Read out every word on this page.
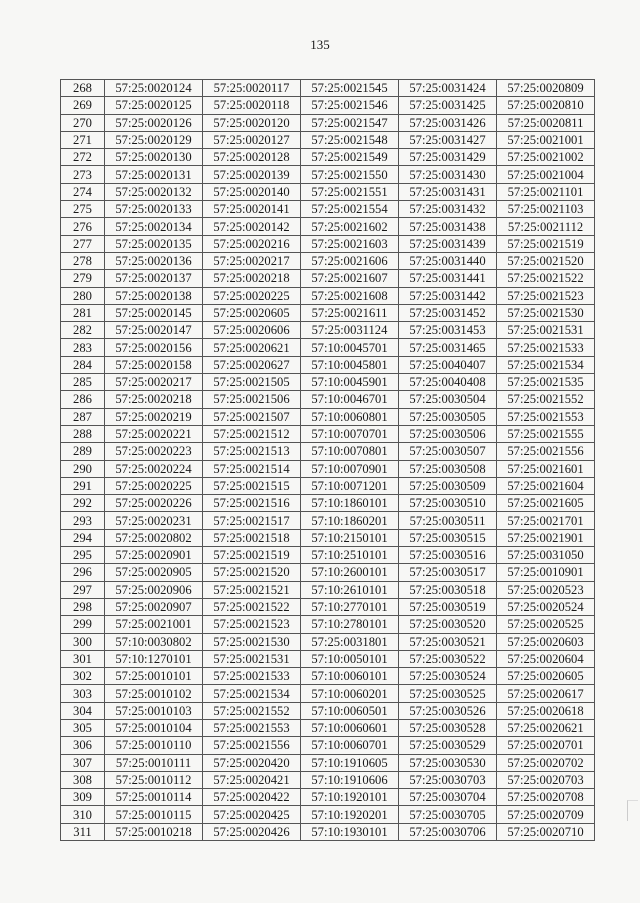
135
268	57:25:0020124	57:25:0020117	57:25:0021545	57:25:0031424	57:25:0020809
269	57:25:0020125	57:25:0020118	57:25:0021546	57:25:0031425	57:25:0020810
270	57:25:0020126	57:25:0020120	57:25:0021547	57:25:0031426	57:25:0020811
271	57:25:0020129	57:25:0020127	57:25:0021548	57:25:0031427	57:25:0021001
272	57:25:0020130	57:25:0020128	57:25:0021549	57:25:0031429	57:25:0021002
273	57:25:0020131	57:25:0020139	57:25:0021550	57:25:0031430	57:25:0021004
274	57:25:0020132	57:25:0020140	57:25:0021551	57:25:0031431	57:25:0021101
275	57:25:0020133	57:25:0020141	57:25:0021554	57:25:0031432	57:25:0021103
276	57:25:0020134	57:25:0020142	57:25:0021602	57:25:0031438	57:25:0021112
277	57:25:0020135	57:25:0020216	57:25:0021603	57:25:0031439	57:25:0021519
278	57:25:0020136	57:25:0020217	57:25:0021606	57:25:0031440	57:25:0021520
279	57:25:0020137	57:25:0020218	57:25:0021607	57:25:0031441	57:25:0021522
280	57:25:0020138	57:25:0020225	57:25:0021608	57:25:0031442	57:25:0021523
281	57:25:0020145	57:25:0020605	57:25:0021611	57:25:0031452	57:25:0021530
282	57:25:0020147	57:25:0020606	57:25:0031124	57:25:0031453	57:25:0021531
283	57:25:0020156	57:25:0020621	57:10:0045701	57:25:0031465	57:25:0021533
284	57:25:0020158	57:25:0020627	57:10:0045801	57:25:0040407	57:25:0021534
285	57:25:0020217	57:25:0021505	57:10:0045901	57:25:0040408	57:25:0021535
286	57:25:0020218	57:25:0021506	57:10:0046701	57:25:0030504	57:25:0021552
287	57:25:0020219	57:25:0021507	57:10:0060801	57:25:0030505	57:25:0021553
288	57:25:0020221	57:25:0021512	57:10:0070701	57:25:0030506	57:25:0021555
289	57:25:0020223	57:25:0021513	57:10:0070801	57:25:0030507	57:25:0021556
290	57:25:0020224	57:25:0021514	57:10:0070901	57:25:0030508	57:25:0021601
291	57:25:0020225	57:25:0021515	57:10:0071201	57:25:0030509	57:25:0021604
292	57:25:0020226	57:25:0021516	57:10:1860101	57:25:0030510	57:25:0021605
293	57:25:0020231	57:25:0021517	57:10:1860201	57:25:0030511	57:25:0021701
294	57:25:0020802	57:25:0021518	57:10:2150101	57:25:0030515	57:25:0021901
295	57:25:0020901	57:25:0021519	57:10:2510101	57:25:0030516	57:25:0031050
296	57:25:0020905	57:25:0021520	57:10:2600101	57:25:0030517	57:25:0010901
297	57:25:0020906	57:25:0021521	57:10:2610101	57:25:0030518	57:25:0020523
298	57:25:0020907	57:25:0021522	57:10:2770101	57:25:0030519	57:25:0020524
299	57:25:0021001	57:25:0021523	57:10:2780101	57:25:0030520	57:25:0020525
300	57:10:0030802	57:25:0021530	57:25:0031801	57:25:0030521	57:25:0020603
301	57:10:1270101	57:25:0021531	57:10:0050101	57:25:0030522	57:25:0020604
302	57:25:0010101	57:25:0021533	57:10:0060101	57:25:0030524	57:25:0020605
303	57:25:0010102	57:25:0021534	57:10:0060201	57:25:0030525	57:25:0020617
304	57:25:0010103	57:25:0021552	57:10:0060501	57:25:0030526	57:25:0020618
305	57:25:0010104	57:25:0021553	57:10:0060601	57:25:0030528	57:25:0020621
306	57:25:0010110	57:25:0021556	57:10:0060701	57:25:0030529	57:25:0020701
307	57:25:0010111	57:25:0020420	57:10:1910605	57:25:0030530	57:25:0020702
308	57:25:0010112	57:25:0020421	57:10:1910606	57:25:0030703	57:25:0020703
309	57:25:0010114	57:25:0020422	57:10:1920101	57:25:0030704	57:25:0020708
310	57:25:0010115	57:25:0020425	57:10:1920201	57:25:0030705	57:25:0020709
311	57:25:0010218	57:25:0020426	57:10:1930101	57:25:0030706	57:25:0020710
